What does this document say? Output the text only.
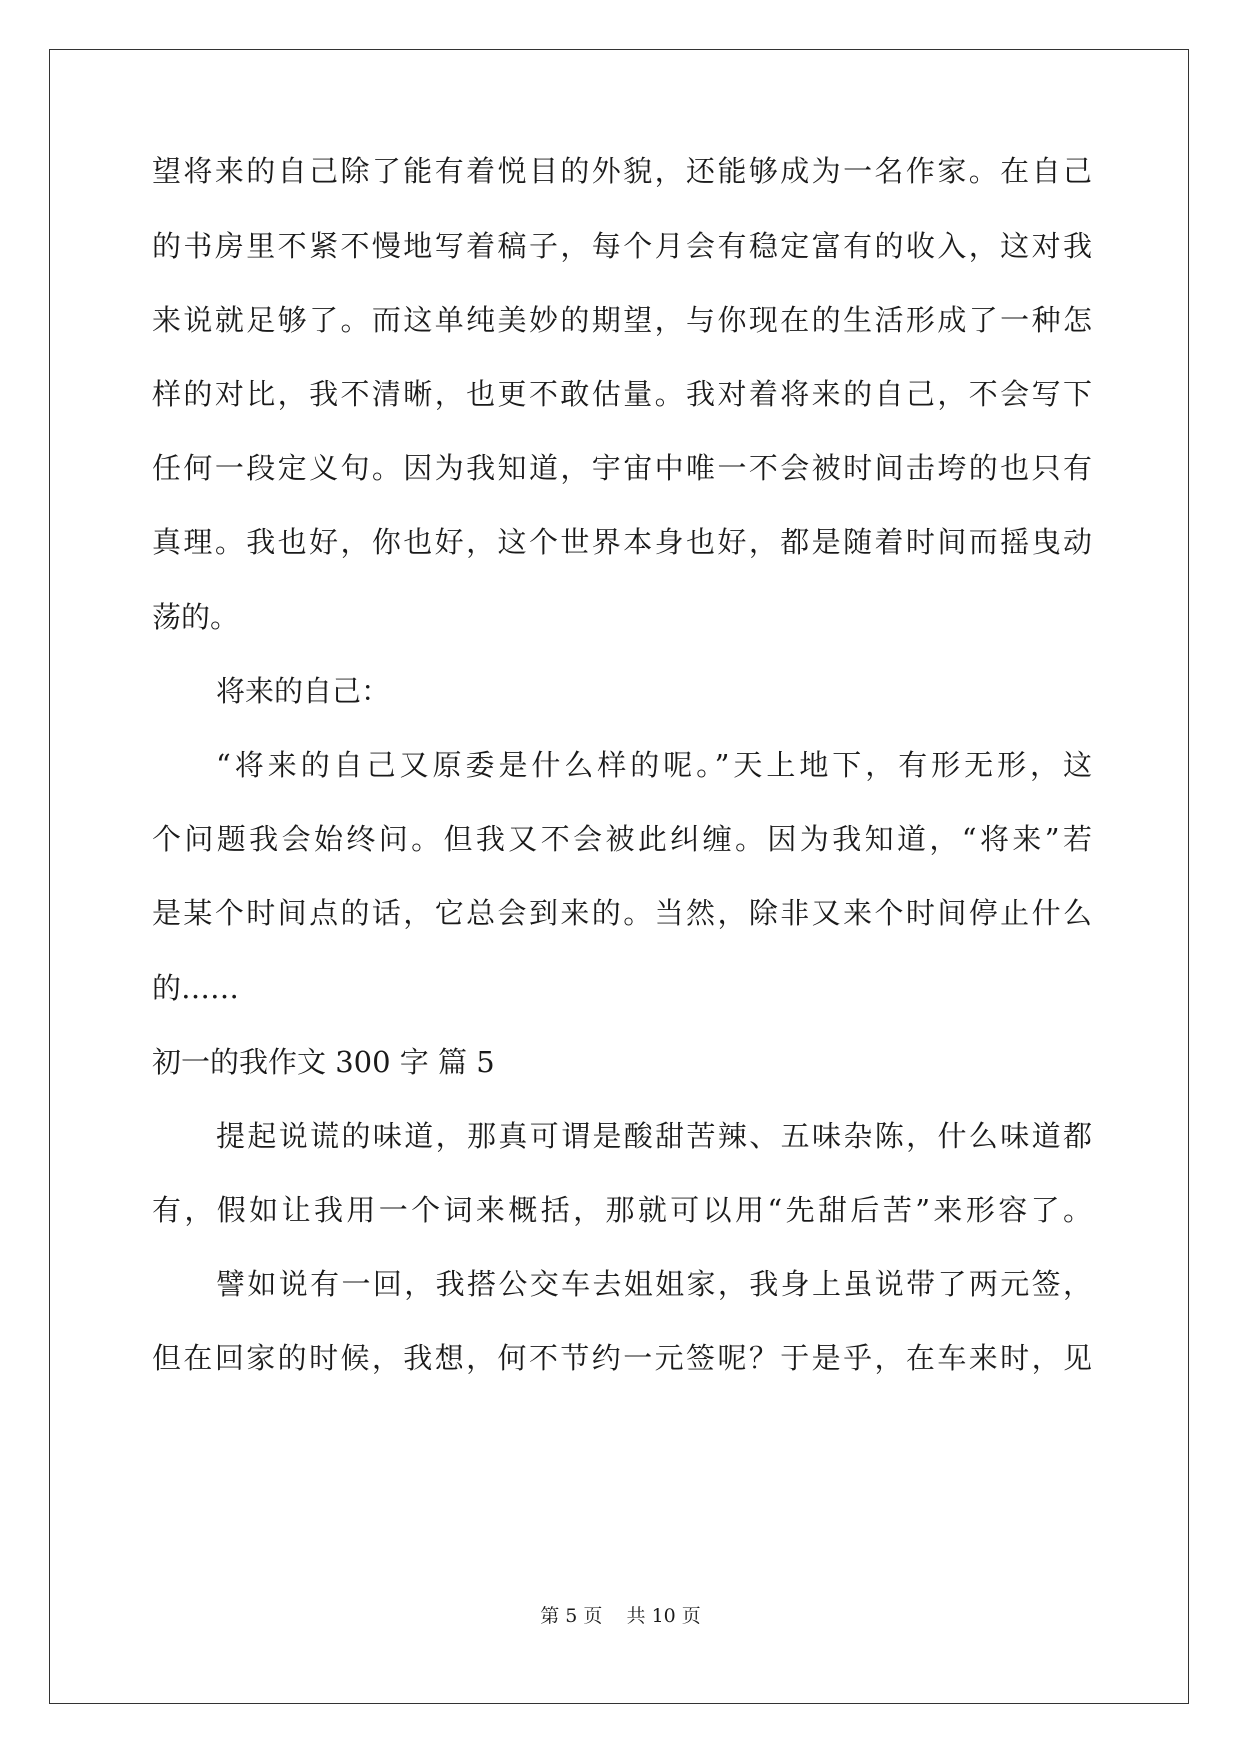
望将来的自己除了能有着悦目的外貌，还能够成为一名作家。在自己
的书房里不紧不慢地写着稿子，每个月会有稳定富有的收入，这对我
来说就足够了。而这单纯美妙的期望，与你现在的生活形成了一种怎
样的对比，我不清晰，也更不敢估量。我对着将来的自己，不会写下
任何一段定义句。因为我知道，宇宙中唯一不会被时间击垮的也只有
真理。我也好，你也好，这个世界本身也好，都是随着时间而摇曳动
荡的。
将来的自己：
“将来的自己又原委是什么样的呢。”天上地下，有形无形，这
个问题我会始终问。但我又不会被此纠缠。因为我知道，“将来”若
是某个时间点的话，它总会到来的。当然，除非又来个时间停止什么
的……
初一的我作文 300 字 篇 5
提起说谎的味道，那真可谓是酸甜苦辣、五味杂陈，什么味道都
有，假如让我用一个词来概括，那就可以用“先甜后苦”来形容了。
譬如说有一回，我搭公交车去姐姐家，我身上虽说带了两元签，
但在回家的时候，我想，何不节约一元签呢？于是乎，在车来时，见
第 5 页    共 10 页
